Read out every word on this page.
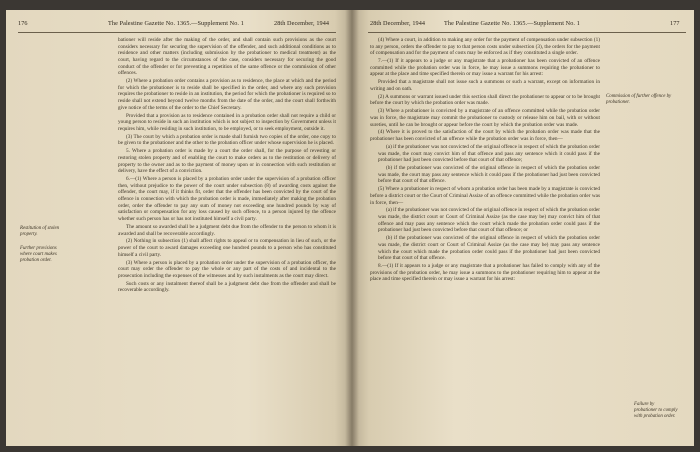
176	The Palestine Gazette No. 1365.—Supplement No. 1	28th December, 1944
Restitution of stolen property.
Further provisions where court makes probation order.

bationer will reside after the making of the order, and shall contain such provisions as the court considers necessary for securing the supervision of the offender, and such additional conditions as to residence and other matters (including submission by the probationer to medical treatment) as the court, having regard to the circumstances of the case, considers necessary for securing the good conduct of the offender or for preventing a repetition of the same offence or the commission of other offences.

(2) Where a probation order contains a provision as to residence, the place at which and the period for which the probationer is to reside shall be specified in the order, and where any such provision requires the probationer to reside in an institution, the period for which the probationer is required so to reside shall not extend beyond twelve months from the date of the order, and the court shall forthwith give notice of the terms of the order to the Chief Secretary.

Provided that a provision as to residence contained in a probation order shall not require a child or young person to reside in such an institution which is not subject to inspection by Government unless it requires him, while residing in such institution, to be employed, or to seek employment, outside it.

(3) The court by which a probation order is made shall furnish two copies of the order, one copy to be given to the probationer and the other to the probation officer under whose supervision he is placed.

5. Where a probation order is made by a court the order shall, for the purpose of revesting or restoring stolen property and of enabling the court to make orders as to the restitution or delivery of property to the owner and as to the payment of money upon or in connection with such restitution or delivery, have the effect of a conviction.

6.—(1) Where a person is placed by a probation order under the supervision of a probation officer then, without prejudice to the power of the court under subsection (8) of awarding costs against the offender, the court may, if it thinks fit, order that the offender has been convicted by the court of the offence in connection with which the probation order is made, immediately after making the probation order, order the offender to pay any sum of money not exceeding one hundred pounds by way of satisfaction or compensation for any loss caused by such offence, to a person injured by the offence whether such person has or has not instituted himself a civil party.

The amount so awarded shall be a judgment debt due from the offender to the person to whom it is awarded and shall be recoverable accordingly.

(2) Nothing in subsection (1) shall affect rights to appeal or to compensation in lieu of such, or the power of the court to award damages exceeding one hundred pounds to a person who has constituted himself a civil party.

(3) Where a person is placed by a probation order under the supervision of a probation officer, the court may order the offender to pay the whole or any part of the costs of and incidental to the prosecution including the expenses of the witnesses and by such instalments as the court may direct.

Such costs or any instalment thereof shall be a judgment debt due from the offender and shall be recoverable accordingly.

28th December, 1944	The Palestine Gazette No. 1365.—Supplement No. 1	177

(4) Where a court, in addition to making any order for the payment of compensation under subsection (1) to any person, orders the offender to pay to that person costs under subsection (3), the orders for the payment of compensation and for the payment of costs may be enforced as if they constituted a single order.

7.—(1) If it appears to a judge or any magistrate that a probationer has been convicted of an offence committed while the probation order was in force, he may issue a summons requiring the probationer to appear at the place and time specified therein or may issue a warrant for his arrest:

Provided that a magistrate shall not issue such a summons or such a warrant, except on information in writing and on oath.

(2) A summons or warrant issued under this section shall direct the probationer to appear or to be brought before the court by which the probation order was made.

(3) Where a probationer is convicted by a magistrate of an offence committed while the probation order was in force, the magistrate may commit the probationer to custody or release him on bail, with or without sureties, until he can be brought or appear before the court by which the probation order was made.

(4) Where it is proved to the satisfaction of the court by which the probation order was made that the probationer has been convicted of an offence while the probation order was in force, then—

(a) if the probationer was not convicted of the original offence in respect of which the probation order was made, the court may convict him of that offence and pass any sentence which it could pass if the probationer had just been convicted before that court of that offence;

(b) if the probationer was convicted of the original offence in respect of which the probation order was made, the court may pass any sentence which it could pass if the probationer had just been convicted before that court of that offence.

(5) Where a probationer in respect of whom a probation order has been made by a magistrate is convicted before a district court or the Court of Criminal Assize of an offence committed while the probation order was in force, then—

(a) if the probationer was not convicted of the original offence in respect of which the probation order was made, the district court or Court of Criminal Assize (as the case may be) may convict him of that offence and may pass any sentence which the court which made the probation order could pass if the probationer had just been convicted before that court of that offence; or

(b) if the probationer was convicted of the original offence in respect of which the probation order was made, the district court or Court of Criminal Assize (as the case may be) may pass any sentence which the court which made the probation order could pass if the probationer had just been convicted before that court of that offence.

8.—(1) If it appears to a judge or any magistrate that a probationer has failed to comply with any of the provisions of the probation order, he may issue a summons to the probationer requiring him to appear at the place and time specified therein or may issue a warrant for his arrest:

Commission of further offence by probationer.
Failure by probationer to comply with probation order.
